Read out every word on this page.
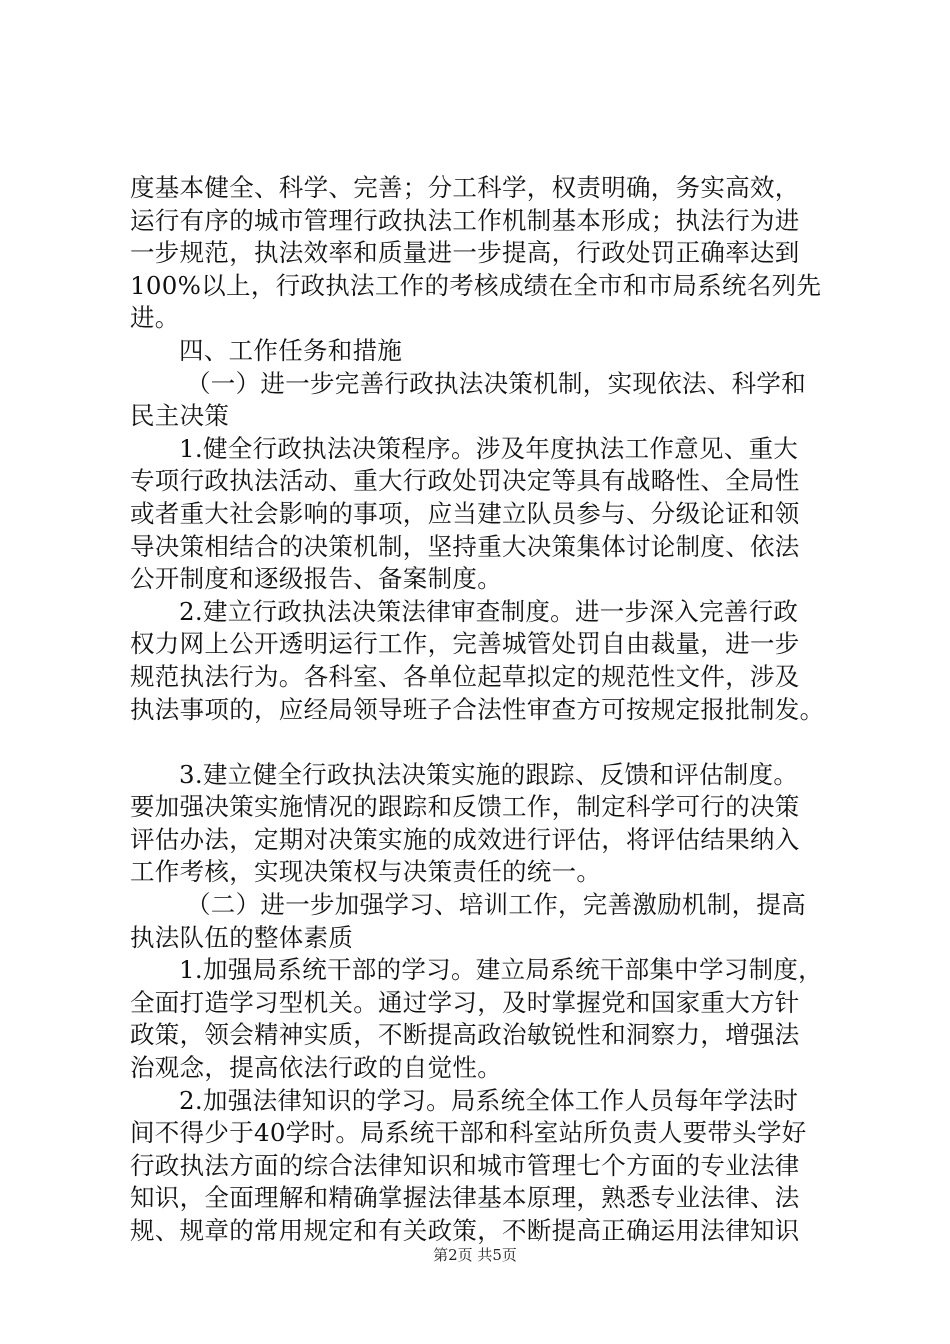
度基本健全、科学、完善；分工科学，权责明确，务实高效，
运行有序的城市管理行政执法工作机制基本形成；执法行为进
一步规范，执法效率和质量进一步提高，行政处罚正确率达到
100%以上，行政执法工作的考核成绩在全市和市局系统名列先
进。
四、工作任务和措施
（一）进一步完善行政执法决策机制，实现依法、科学和
民主决策
1.健全行政执法决策程序。涉及年度执法工作意见、重大
专项行政执法活动、重大行政处罚决定等具有战略性、全局性
或者重大社会影响的事项，应当建立队员参与、分级论证和领
导决策相结合的决策机制，坚持重大决策集体讨论制度、依法
公开制度和逐级报告、备案制度。
2.建立行政执法决策法律审查制度。进一步深入完善行政
权力网上公开透明运行工作，完善城管处罚自由裁量，进一步
规范执法行为。各科室、各单位起草拟定的规范性文件，涉及
执法事项的，应经局领导班子合法性审查方可按规定报批制发。
3.建立健全行政执法决策实施的跟踪、反馈和评估制度。
要加强决策实施情况的跟踪和反馈工作，制定科学可行的决策
评估办法，定期对决策实施的成效进行评估，将评估结果纳入
工作考核，实现决策权与决策责任的统一。
（二）进一步加强学习、培训工作，完善激励机制，提高
执法队伍的整体素质
1.加强局系统干部的学习。建立局系统干部集中学习制度，
全面打造学习型机关。通过学习，及时掌握党和国家重大方针
政策，领会精神实质，不断提高政治敏锐性和洞察力，增强法
治观念，提高依法行政的自觉性。
2.加强法律知识的学习。局系统全体工作人员每年学法时
间不得少于40学时。局系统干部和科室站所负责人要带头学好
行政执法方面的综合法律知识和城市管理七个方面的专业法律
知识，全面理解和精确掌握法律基本原理，熟悉专业法律、法
规、规章的常用规定和有关政策，不断提高正确运用法律知识
第2页 共5页
